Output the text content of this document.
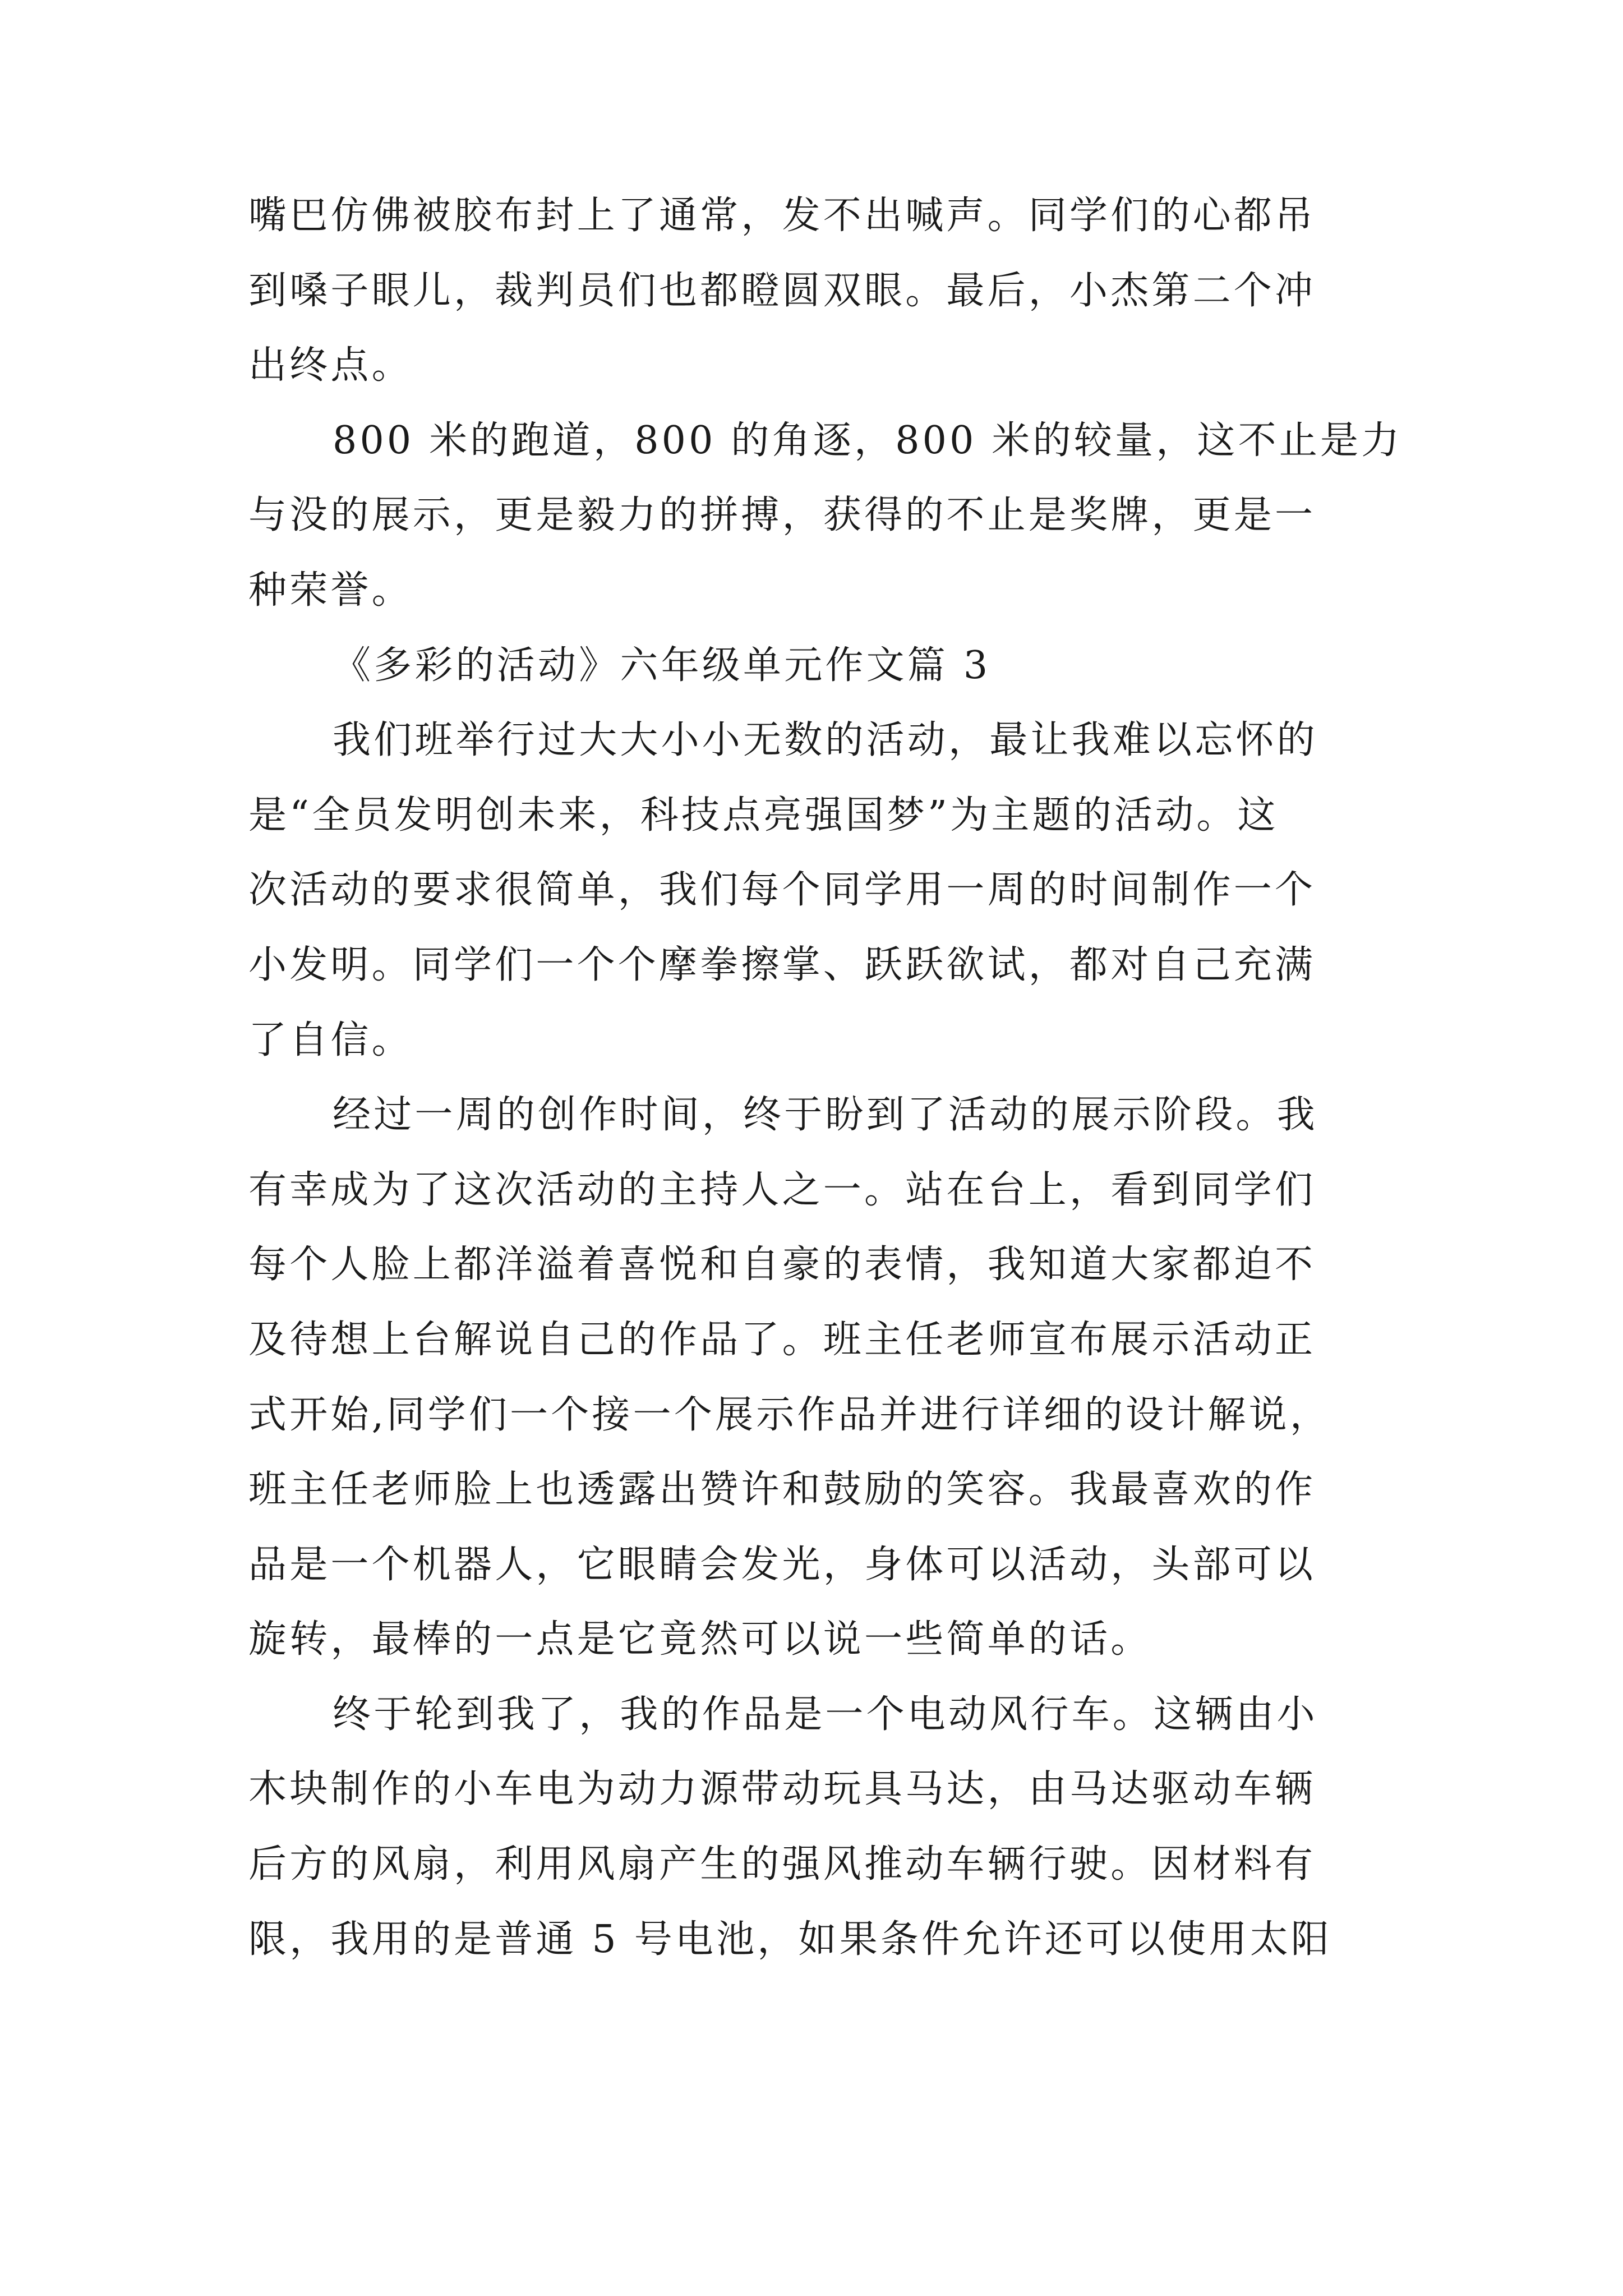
嘴巴仿佛被胶布封上了通常，发不出喊声。同学们的心都吊
到嗓子眼儿，裁判员们也都瞪圆双眼。最后，小杰第二个冲
出终点。
800 米的跑道，800 的角逐，800 米的较量，这不止是力
与没的展示，更是毅力的拼搏，获得的不止是奖牌，更是一
种荣誉。
《多彩的活动》六年级单元作文篇 3
我们班举行过大大小小无数的活动，最让我难以忘怀的
是“全员发明创未来，科技点亮强国梦”为主题的活动。这
次活动的要求很简单，我们每个同学用一周的时间制作一个
小发明。同学们一个个摩拳擦掌、跃跃欲试，都对自己充满
了自信。
经过一周的创作时间，终于盼到了活动的展示阶段。我
有幸成为了这次活动的主持人之一。站在台上，看到同学们
每个人脸上都洋溢着喜悦和自豪的表情，我知道大家都迫不
及待想上台解说自己的作品了。班主任老师宣布展示活动正
式开始,同学们一个接一个展示作品并进行详细的设计解说，
班主任老师脸上也透露出赞许和鼓励的笑容。我最喜欢的作
品是一个机器人，它眼睛会发光，身体可以活动，头部可以
旋转，最棒的一点是它竟然可以说一些简单的话。
终于轮到我了，我的作品是一个电动风行车。这辆由小
木块制作的小车电为动力源带动玩具马达，由马达驱动车辆
后方的风扇，利用风扇产生的强风推动车辆行驶。因材料有
限，我用的是普通 5 号电池，如果条件允许还可以使用太阳
